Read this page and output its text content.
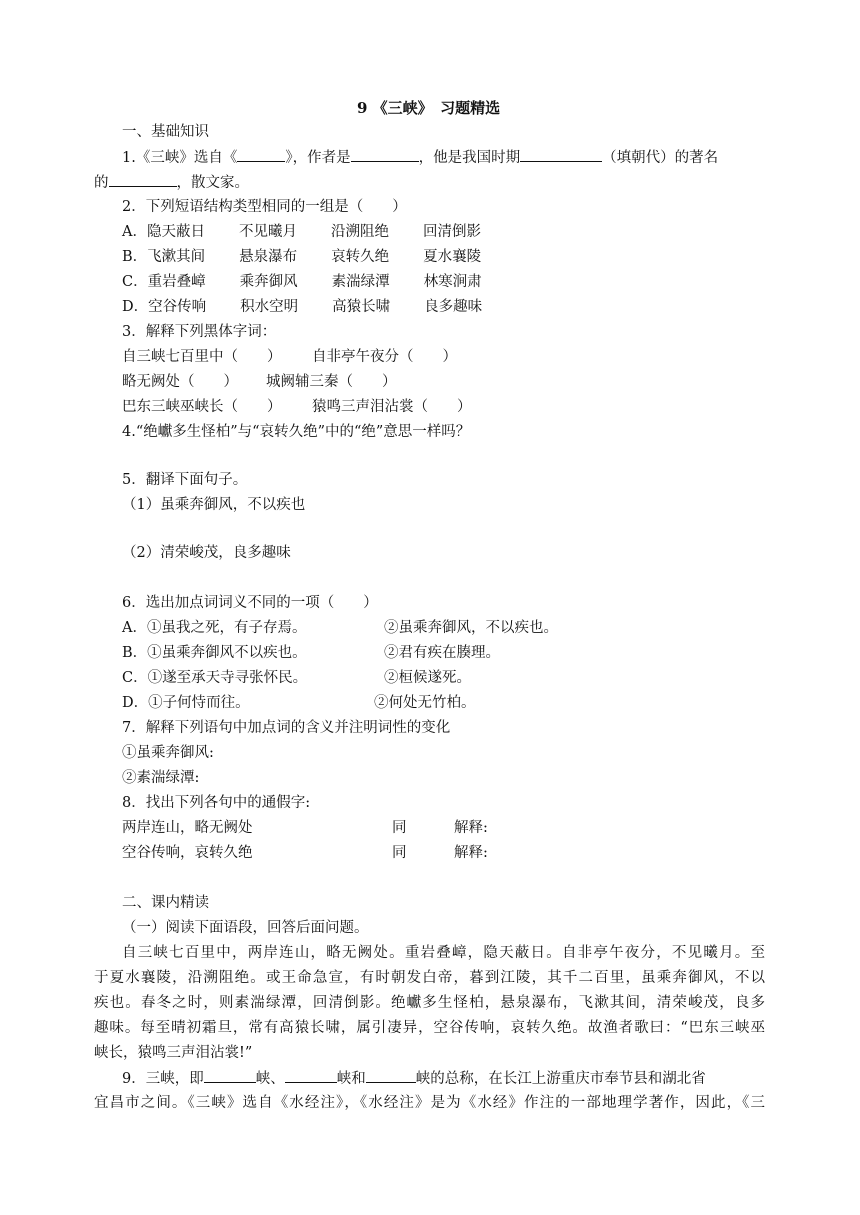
9 《三峡》　习题精选
一、基础知识
1.《三峡》选自《	》，作者是	，他是我国时期	（填朝代）的著名
的	，散文家。
2．下列短语结构类型相同的一组是（　　）
A．隐天蔽日 不见曦月 沿溯阻绝 回清倒影
B．飞漱其间 悬泉瀑布 哀转久绝 夏水襄陵
C．重岩叠嶂 乘奔御风 素湍绿潭 林寒涧肃
D．空谷传响 积水空明 高猿长啸 良多趣味
3．解释下列黑体字词：
自三峡七百里中（　　） 自非亭午夜分（　　）
略无阙处（　　） 城阙辅三秦（　　）
巴东三峡巫峡长（　　） 猿鸣三声泪沾裳（　　）
4.“绝巘多生怪柏”与“哀转久绝”中的“绝”意思一样吗？
5．翻译下面句子。
（1）虽乘奔御风，不以疾也
（2）清荣峻茂，良多趣味
6．选出加点词词义不同的一项（　　）
A．①虽我之死，有子存焉。	②虽乘奔御风，不以疾也。
B．①虽乘奔御风不以疾也。	②君有疾在腠理。
C．①遂至承天寺寻张怀民。	②桓候遂死。
D．①子何恃而往。	②何处无竹柏。
7．解释下列语句中加点词的含义并注明词性的变化
①虽乘奔御风:
②素湍绿潭:
8．找出下列各句中的通假字:
两岸连山，略无阙处	同	解释:
空谷传响，哀转久绝	同	解释:
二、课内精读
（一）阅读下面语段，回答后面问题。
自三峡七百里中，两岸连山，略无阙处。重岩叠嶂，隐天蔽日。自非亭午夜分，不见曦月。至
于夏水襄陵，沿溯阻绝。或王命急宣，有时朝发白帝，暮到江陵，其千二百里，虽乘奔御风，不以
疾也。春冬之时，则素湍绿潭，回清倒影。绝巘多生怪柏，悬泉瀑布，飞漱其间，清荣峻茂，良多
趣味。每至晴初霜旦，常有高猿长啸，属引凄异，空谷传响，哀转久绝。故渔者歌曰：“巴东三峡巫
峡长，猿鸣三声泪沾裳!”
9．三峡，即	峡、	峡和	峡的总称，在长江上游重庆市奉节县和湖北省
宜昌市之间。《三峡》选自《水经注》，《水经注》是为《水经》作注的一部地理学著作，因此，《三
